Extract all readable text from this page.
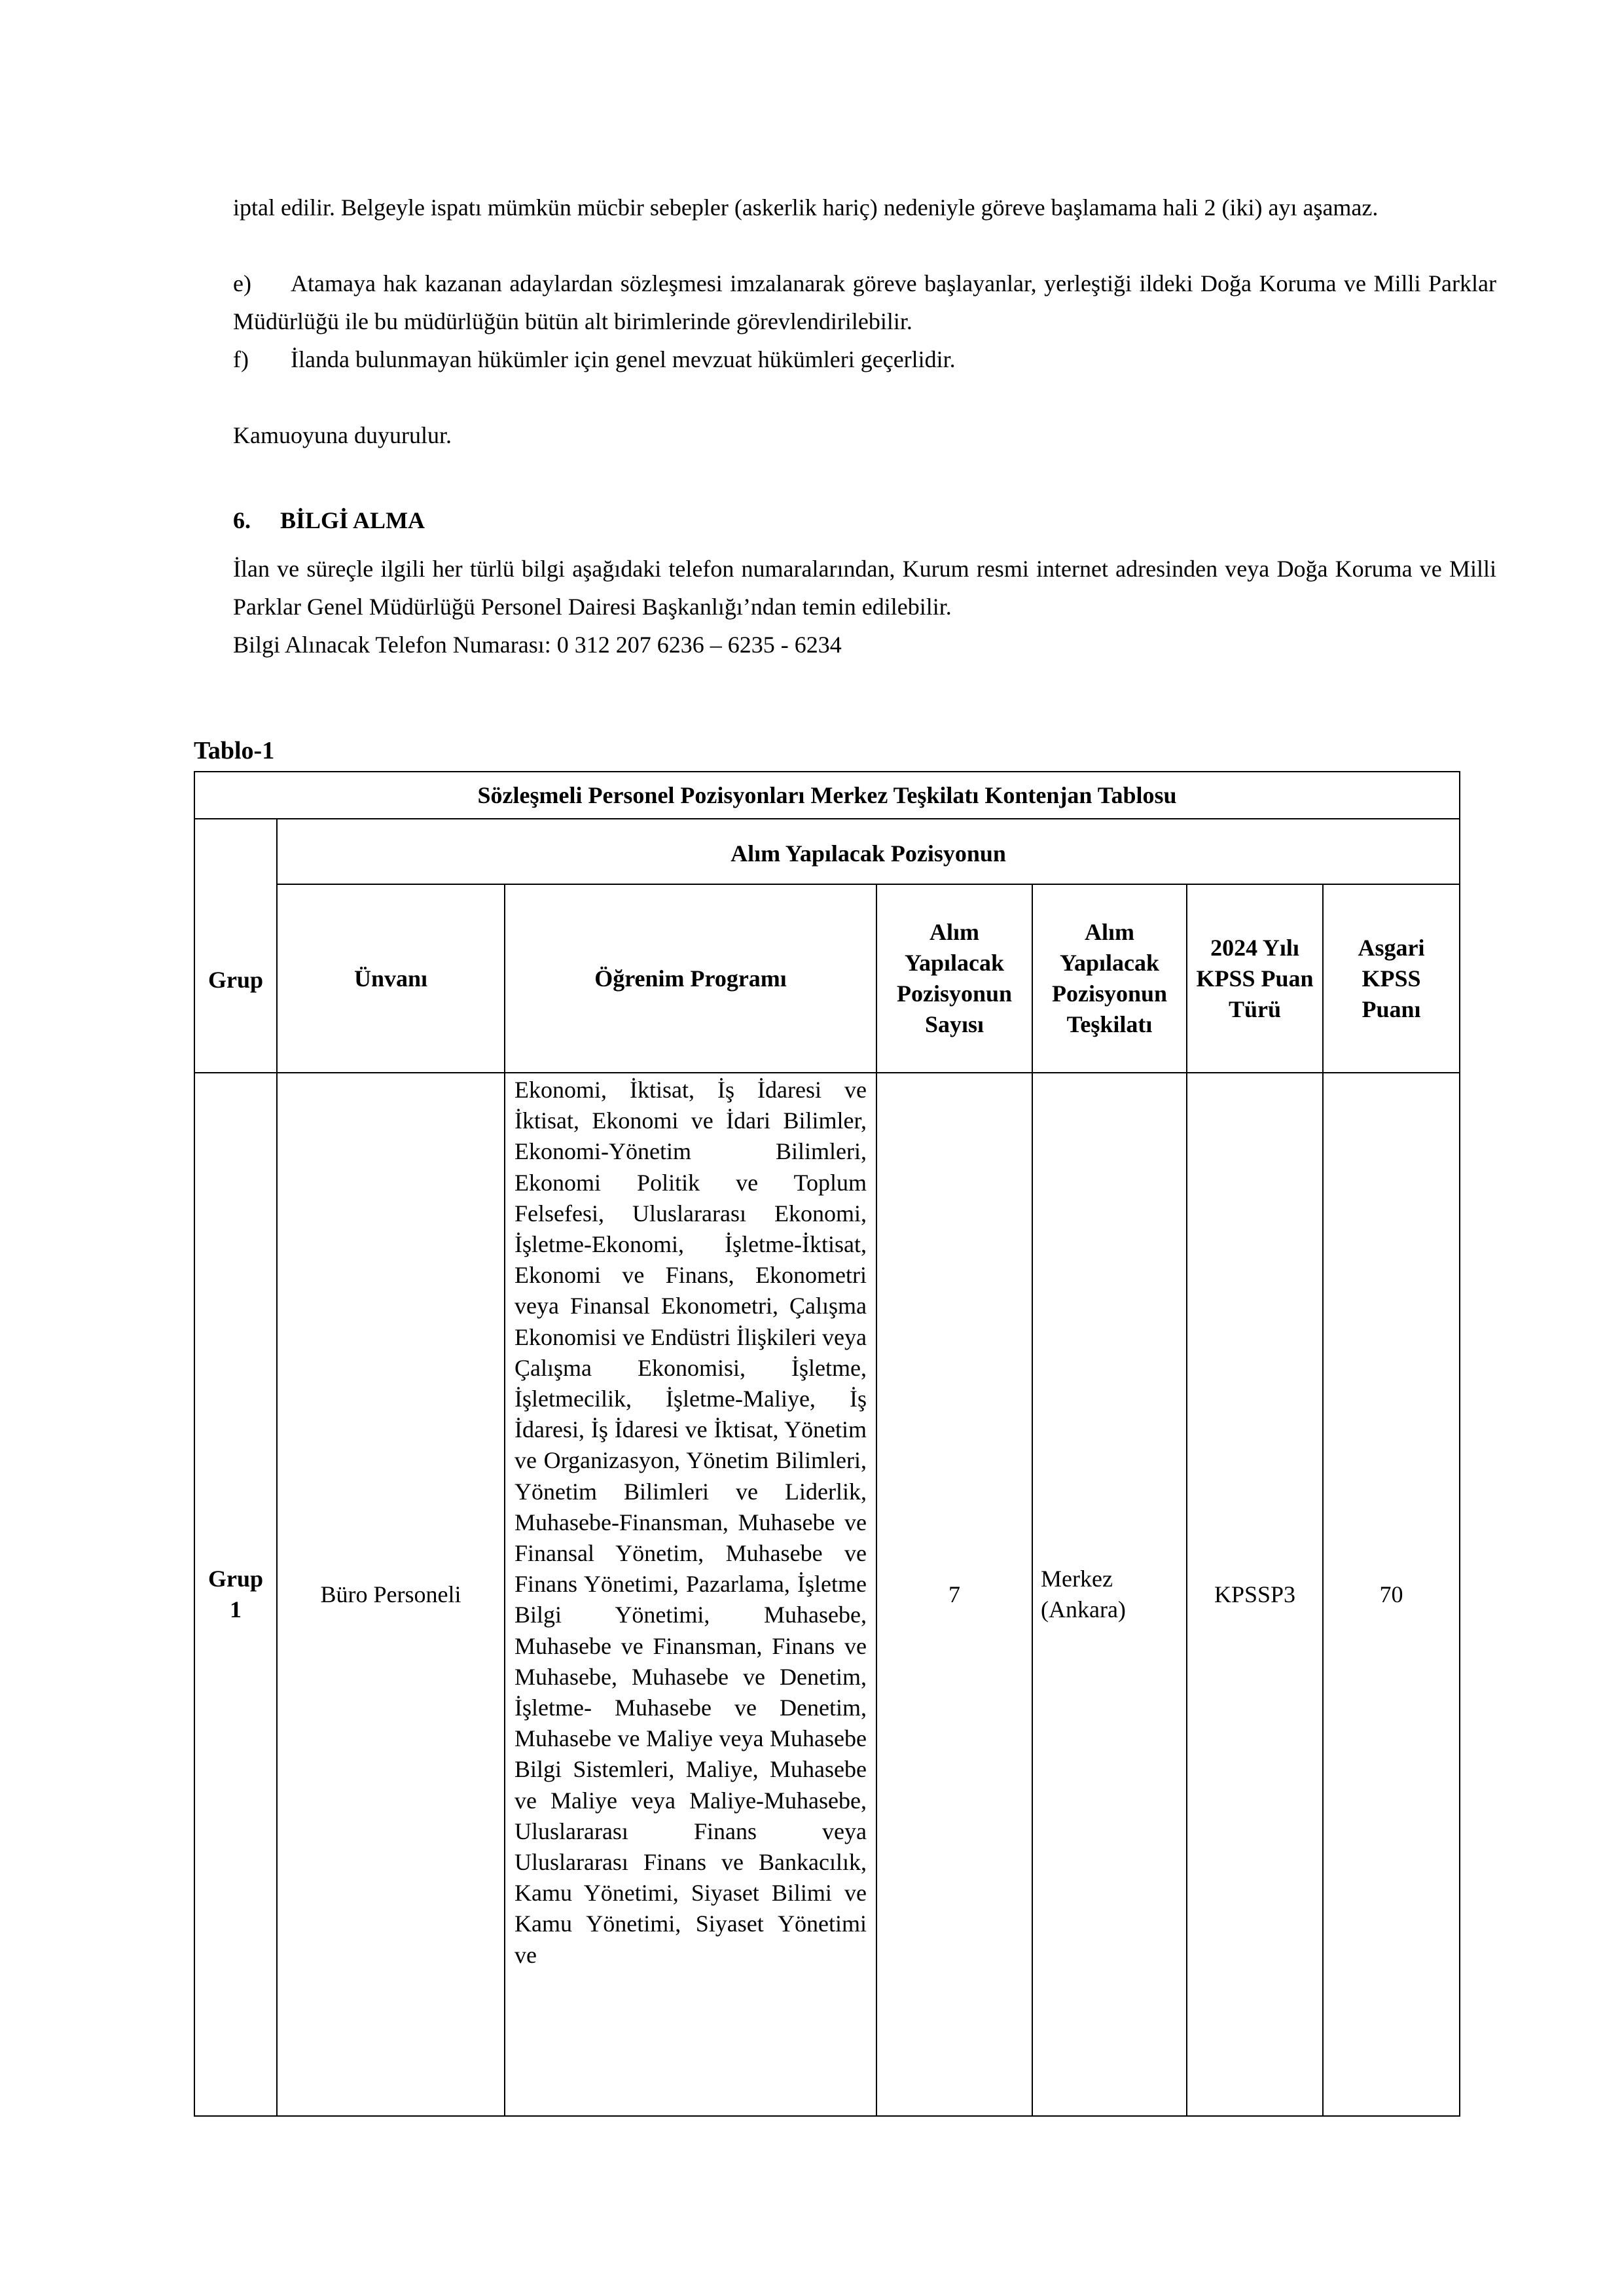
iptal edilir. Belgeyle ispatı mümkün mücbir sebepler (askerlik hariç) nedeniyle göreve başlamama hali 2 (iki) ayı aşamaz.
e) Atamaya hak kazanan adaylardan sözleşmesi imzalanarak göreve başlayanlar, yerleştiği ildeki Doğa Koruma ve Milli Parklar Müdürlüğü ile bu müdürlüğün bütün alt birimlerinde görevlendirilebilir.
f) İlanda bulunmayan hükümler için genel mevzuat hükümleri geçerlidir.
Kamuoyuna duyurulur.
6. BİLGİ ALMA
İlan ve süreçle ilgili her türlü bilgi aşağıdaki telefon numaralarından, Kurum resmi internet adresinden veya Doğa Koruma ve Milli Parklar Genel Müdürlüğü Personel Dairesi Başkanlığı’ndan temin edilebilir.
Bilgi Alınacak Telefon Numarası: 0 312 207 6236 – 6235 - 6234
Tablo-1
Sözleşmeli Personel Pozisyonları Merkez Teşkilatı Kontenjan Tablosu						
Grup	Alım Yapılacak Pozisyonun					
	Ünvanı	Öğrenim Programı	Alım Yapılacak Pozisyonun Sayısı	Alım Yapılacak Pozisyonun Teşkilatı	2024 Yılı KPSS Puan Türü	Asgari KPSS Puanı
Grup 1	Büro Personeli	Ekonomi, İktisat, İş İdaresi ve İktisat, Ekonomi ve İdari Bilimler, Ekonomi-Yönetim Bilimleri, Ekonomi Politik ve Toplum Felsefesi, Uluslararası Ekonomi, İşletme-Ekonomi, İşletme-İktisat, Ekonomi ve Finans, Ekonometri veya Finansal Ekonometri, Çalışma Ekonomisi ve Endüstri İlişkileri veya Çalışma Ekonomisi, İşletme, İşletmecilik, İşletme-Maliye, İş İdaresi, İş İdaresi ve İktisat, Yönetim ve Organizasyon, Yönetim Bilimleri, Yönetim Bilimleri ve Liderlik, Muhasebe-Finansman, Muhasebe ve Finansal Yönetim, Muhasebe ve Finans Yönetimi, Pazarlama, İşletme Bilgi Yönetimi, Muhasebe, Muhasebe ve Finansman, Finans ve Muhasebe, Muhasebe ve Denetim, İşletme- Muhasebe ve Denetim, Muhasebe ve Maliye veya Muhasebe Bilgi Sistemleri, Maliye, Muhasebe ve Maliye veya Maliye-Muhasebe, Uluslararası Finans veya Uluslararası Finans ve Bankacılık, Kamu Yönetimi, Siyaset Bilimi ve Kamu Yönetimi, Siyaset Yönetimi ve	7	Merkez (Ankara)	KPSSP3	70
